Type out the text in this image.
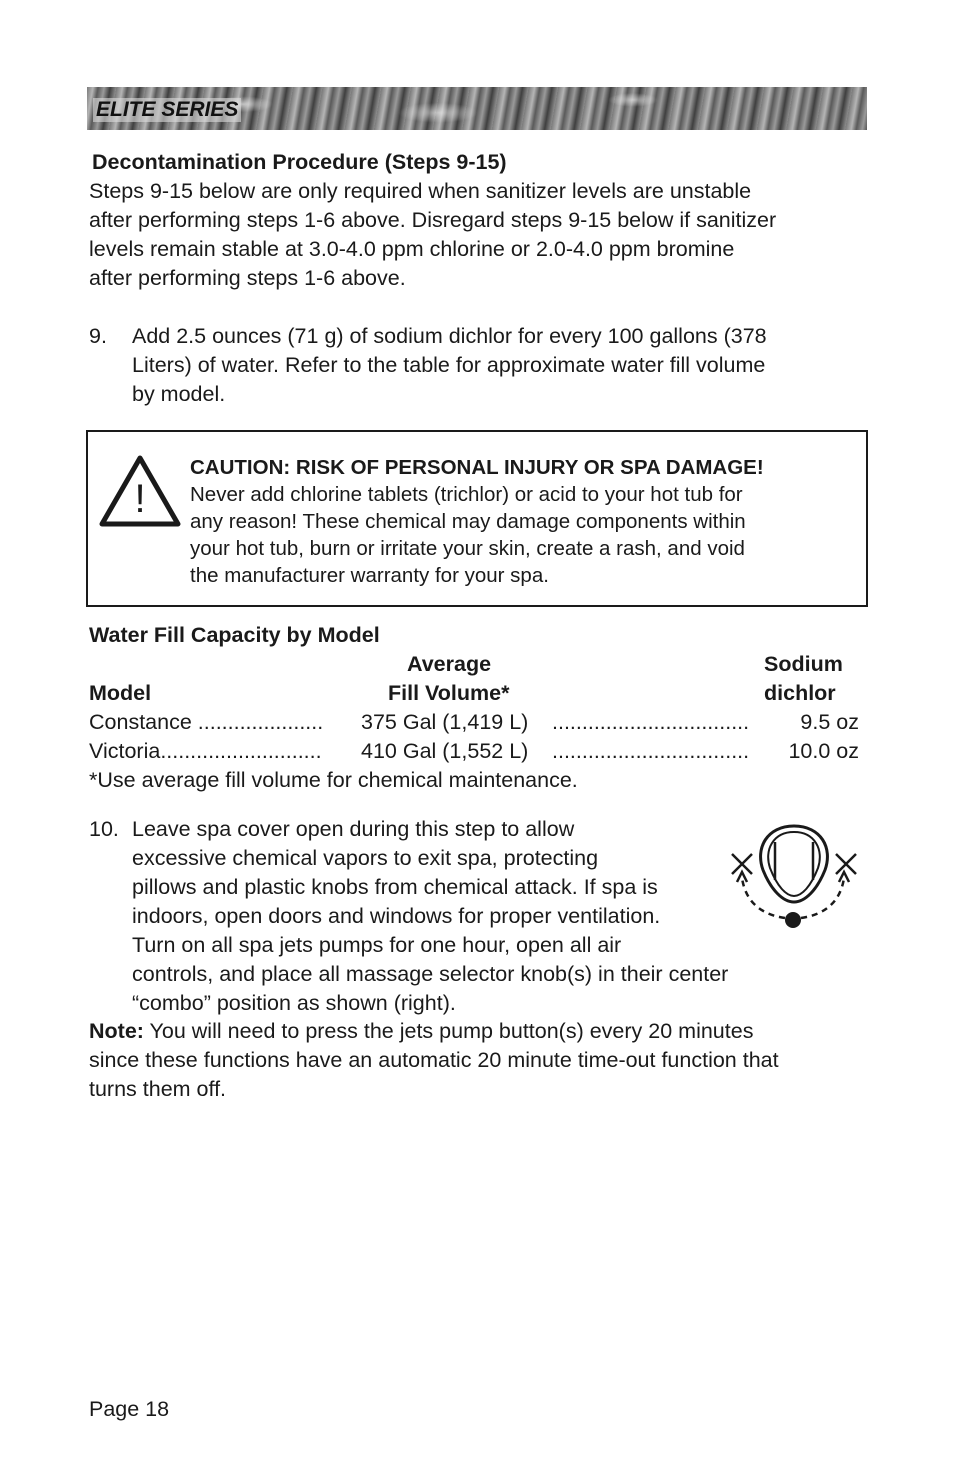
ELITE SERIES

Decontamination Procedure (Steps 9-15)

Steps 9-15 below are only required when sanitizer levels are unstable

after performing steps 1-6 above. Disregard steps 9-15 below if sanitizer

levels remain stable at 3.0-4.0 ppm chlorine or 2.0-4.0 ppm bromine

after performing steps 1-6 above.

9. Add 2.5 ounces (71 g) of sodium dichlor for every 100 gallons (378

Liters) of water. Refer to the table for approximate water fill volume

by model.

!
CAUTION: RISK OF PERSONAL INJURY OR SPA DAMAGE!
Never add chlorine tablets (trichlor) or acid to your hot tub for
any reason! These chemical may damage components within
your hot tub, burn or irritate your skin, create a rash, and void
the manufacturer warranty for your spa.

Water Fill Capacity by Model

Average	Sodium

Model	Fill Volume*	dichlor

Constance ..................... 375 Gal (1,419 L) ................................. 9.5 oz
Victoria........................... 410 Gal (1,552 L) ................................. 10.0 oz

*Use average fill volume for chemical maintenance.

10. Leave spa cover open during this step to allow

excessive chemical vapors to exit spa, protecting

pillows and plastic knobs from chemical attack. If spa is

indoors, open doors and windows for proper ventilation.

Turn on all spa jets pumps for one hour, open all air

controls, and place all massage selector knob(s) in their center

“combo” position as shown (right).

Note: You will need to press the jets pump button(s) every 20 minutes

since these functions have an automatic 20 minute time-out function that

turns them off.

Page 18
